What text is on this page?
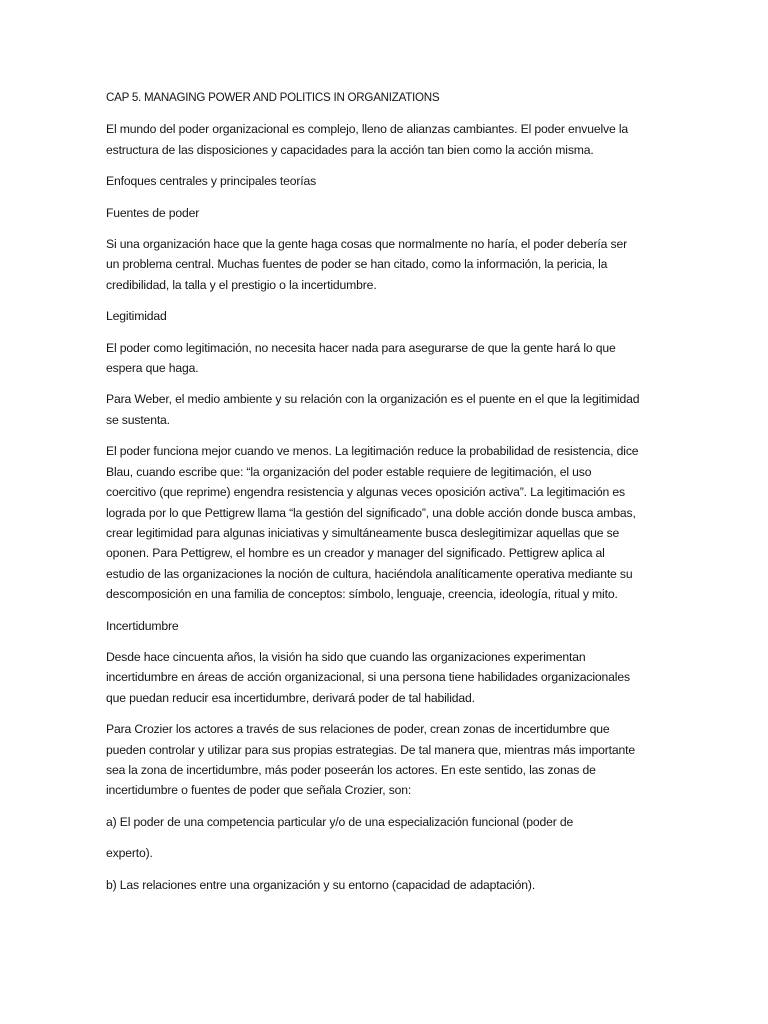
CAP 5. MANAGING POWER AND POLITICS IN ORGANIZATIONS

El mundo del poder organizacional es complejo, lleno de alianzas cambiantes. El poder envuelve la estructura de las disposiciones y capacidades para la acción tan bien como la acción misma.

Enfoques centrales y principales teorías

Fuentes de poder

Si una organización hace que la gente haga cosas que normalmente no haría, el poder debería ser un problema central. Muchas fuentes de poder se han citado, como la información, la pericia, la credibilidad, la talla y el prestigio o la incertidumbre.

Legitimidad

El poder como legitimación, no necesita hacer nada para asegurarse de que la gente hará lo que espera que haga.

Para Weber, el medio ambiente y su relación con la organización es el puente en el que la legitimidad se sustenta.

El poder funciona mejor cuando ve menos. La legitimación reduce la probabilidad de resistencia, dice Blau, cuando escribe que: “la organización del poder estable requiere de legitimación, el uso coercitivo (que reprime) engendra resistencia y algunas veces oposición activa”. La legitimación es lograda por lo que Pettigrew llama “la gestión del significado”, una doble acción donde busca ambas, crear legitimidad para algunas iniciativas y simultáneamente busca deslegitimizar aquellas que se oponen. Para Pettigrew, el hombre es un creador y manager del significado. Pettigrew aplica al estudio de las organizaciones la noción de cultura, haciéndola analíticamente operativa mediante su descomposición en una familia de conceptos: símbolo, lenguaje, creencia, ideología, ritual y mito.

Incertidumbre

Desde hace cincuenta años, la visión ha sido que cuando las organizaciones experimentan incertidumbre en áreas de acción organizacional, si una persona tiene habilidades organizacionales que puedan reducir esa incertidumbre, derivará poder de tal habilidad.

Para Crozier los actores a través de sus relaciones de poder, crean zonas de incertidumbre que pueden controlar y utilizar para sus propias estrategias. De tal manera que, mientras más importante sea la zona de incertidumbre, más poder poseerán los actores. En este sentido, las zonas de incertidumbre o fuentes de poder que señala Crozier, son:

a) El poder de una competencia particular y/o de una especialización funcional (poder de

experto).

b) Las relaciones entre una organización y su entorno (capacidad de adaptación).
